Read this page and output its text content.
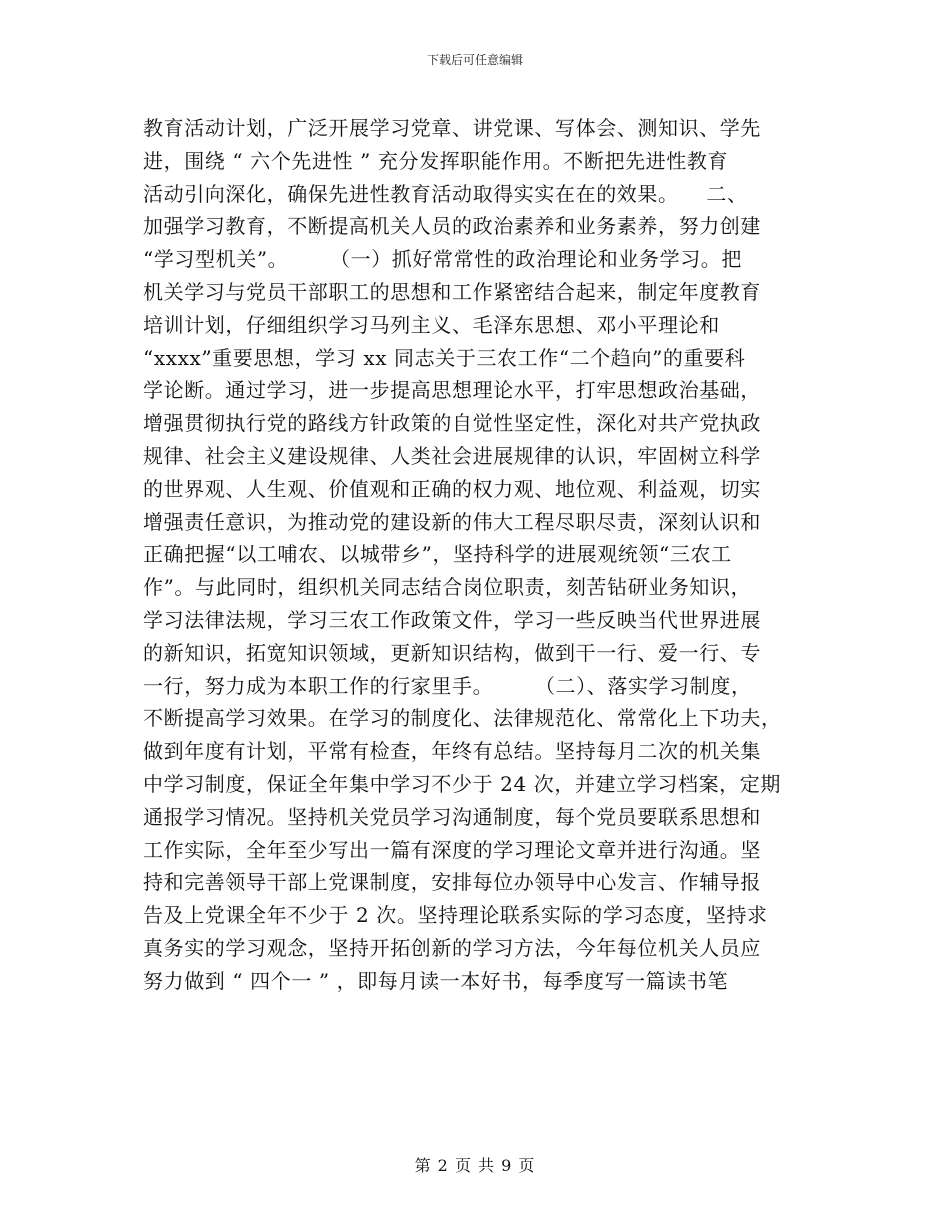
下载后可任意编辑
教育活动计划，广泛开展学习党章、讲党课、写体会、测知识、学先
进，围绕 “ 六个先进性 ” 充分发挥职能作用。不断把先进性教育
活动引向深化，确保先进性教育活动取得实实在在的效果。    二、
加强学习教育，不断提高机关人员的政治素养和业务素养，努力创建
“学习型机关”。      （一）抓好常常性的政治理论和业务学习。把
机关学习与党员干部职工的思想和工作紧密结合起来，制定年度教育
培训计划，仔细组织学习马列主义、毛泽东思想、邓小平理论和
“xxxx”重要思想，学习 xx 同志关于三农工作“二个趋向”的重要科
学论断。通过学习，进一步提高思想理论水平，打牢思想政治基础，
增强贯彻执行党的路线方针政策的自觉性坚定性，深化对共产党执政
规律、社会主义建设规律、人类社会进展规律的认识，牢固树立科学
的世界观、人生观、价值观和正确的权力观、地位观、利益观，切实
增强责任意识，为推动党的建设新的伟大工程尽职尽责，深刻认识和
正确把握“以工哺农、以城带乡”，坚持科学的进展观统领“三农工
作”。与此同时，组织机关同志结合岗位职责，刻苦钻研业务知识，
学习法律法规，学习三农工作政策文件，学习一些反映当代世界进展
的新知识，拓宽知识领域，更新知识结构，做到干一行、爱一行、专
一行，努力成为本职工作的行家里手。      （二）、落实学习制度，
不断提高学习效果。在学习的制度化、法律规范化、常常化上下功夫，
做到年度有计划，平常有检查，年终有总结。坚持每月二次的机关集
中学习制度，保证全年集中学习不少于 24 次，并建立学习档案，定期
通报学习情况。坚持机关党员学习沟通制度，每个党员要联系思想和
工作实际，全年至少写出一篇有深度的学习理论文章并进行沟通。坚
持和完善领导干部上党课制度，安排每位办领导中心发言、作辅导报
告及上党课全年不少于 2 次。坚持理论联系实际的学习态度，坚持求
真务实的学习观念，坚持开拓创新的学习方法，今年每位机关人员应
努力做到 “ 四个一 ” ，即每月读一本好书，每季度写一篇读书笔
第 2 页 共 9 页
